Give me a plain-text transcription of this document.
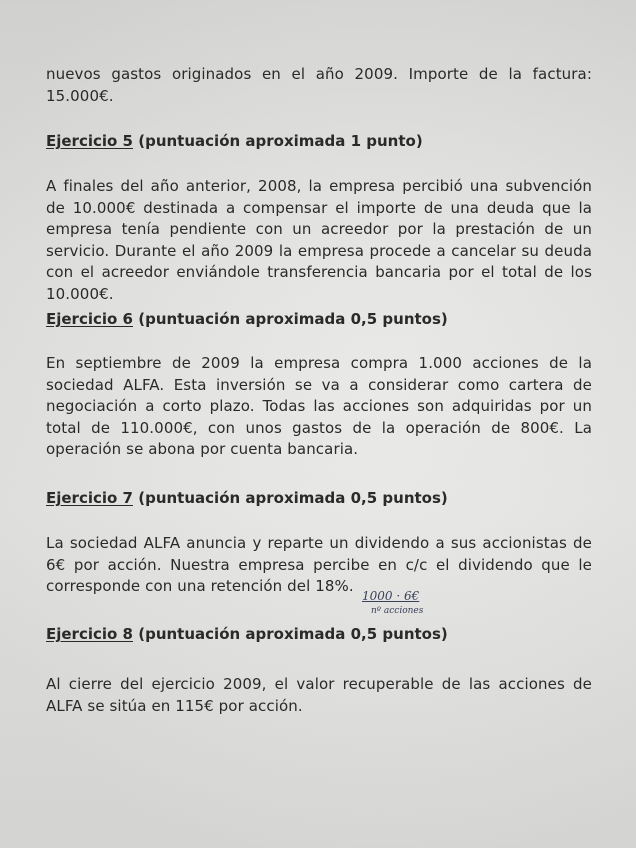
nuevos gastos originados en el año 2009. Importe de la factura: 15.000€.
Ejercicio 5 (puntuación aproximada 1 punto)
A finales del año anterior, 2008, la empresa percibió una subvención de 10.000€ destinada a compensar el importe de una deuda que la empresa tenía pendiente con un acreedor por la prestación de un servicio. Durante el año 2009 la empresa procede a cancelar su deuda con el acreedor enviándole transferencia bancaria por el total de los 10.000€.
Ejercicio 6 (puntuación aproximada 0,5 puntos)
En septiembre de 2009 la empresa compra 1.000 acciones de la sociedad ALFA. Esta inversión se va a considerar como cartera de negociación a corto plazo. Todas las acciones son adquiridas por un total de 110.000€, con unos gastos de la operación de 800€. La operación se abona por cuenta bancaria.
Ejercicio 7 (puntuación aproximada 0,5 puntos)
La sociedad ALFA anuncia y reparte un dividendo a sus accionistas de 6€ por acción. Nuestra empresa percibe en c/c el dividendo que le corresponde con una retención del 18%.
1000 · 6€
nº acciones
Ejercicio 8 (puntuación aproximada 0,5 puntos)
Al cierre del ejercicio 2009, el valor recuperable de las acciones de ALFA se sitúa en 115€ por acción.
